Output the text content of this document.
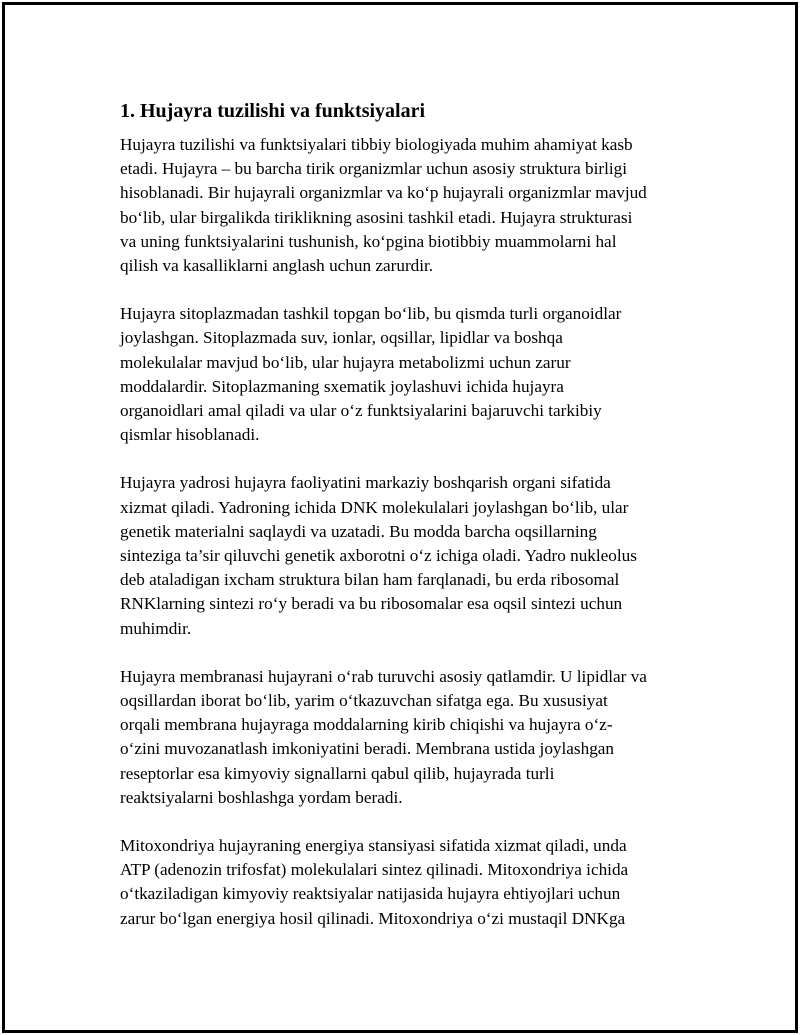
1. Hujayra tuzilishi va funktsiyalari
Hujayra tuzilishi va funktsiyalari tibbiy biologiyada muhim ahamiyat kasb
etadi. Hujayra – bu barcha tirik organizmlar uchun asosiy struktura birligi
hisoblanadi. Bir hujayrali organizmlar va ko‘p hujayrali organizmlar mavjud
bo‘lib, ular birgalikda tiriklikning asosini tashkil etadi. Hujayra strukturasi
va uning funktsiyalarini tushunish, ko‘pgina biotibbiy muammolarni hal
qilish va kasalliklarni anglash uchun zarurdir.
Hujayra sitoplazmadan tashkil topgan bo‘lib, bu qismda turli organoidlar
joylashgan. Sitoplazmada suv, ionlar, oqsillar, lipidlar va boshqa
molekulalar mavjud bo‘lib, ular hujayra metabolizmi uchun zarur
moddalardir. Sitoplazmaning sxematik joylashuvi ichida hujayra
organoidlari amal qiladi va ular o‘z funktsiyalarini bajaruvchi tarkibiy
qismlar hisoblanadi.
Hujayra yadrosi hujayra faoliyatini markaziy boshqarish organi sifatida
xizmat qiladi. Yadroning ichida DNK molekulalari joylashgan bo‘lib, ular
genetik materialni saqlaydi va uzatadi. Bu modda barcha oqsillarning
sinteziga ta’sir qiluvchi genetik axborotni o‘z ichiga oladi. Yadro nukleolus
deb ataladigan ixcham struktura bilan ham farqlanadi, bu erda ribosomal
RNKlarning sintezi ro‘y beradi va bu ribosomalar esa oqsil sintezi uchun
muhimdir.
Hujayra membranasi hujayrani o‘rab turuvchi asosiy qatlamdir. U lipidlar va
oqsillardan iborat bo‘lib, yarim o‘tkazuvchan sifatga ega. Bu xususiyat
orqali membrana hujayraga moddalarning kirib chiqishi va hujayra o‘z-
o‘zini muvozanatlash imkoniyatini beradi. Membrana ustida joylashgan
reseptorlar esa kimyoviy signallarni qabul qilib, hujayrada turli
reaktsiyalarni boshlashga yordam beradi.
Mitoxondriya hujayraning energiya stansiyasi sifatida xizmat qiladi, unda
ATP (adenozin trifosfat) molekulalari sintez qilinadi. Mitoxondriya ichida
o‘tkaziladigan kimyoviy reaktsiyalar natijasida hujayra ehtiyojlari uchun
zarur bo‘lgan energiya hosil qilinadi. Mitoxondriya o‘zi mustaqil DNKga
